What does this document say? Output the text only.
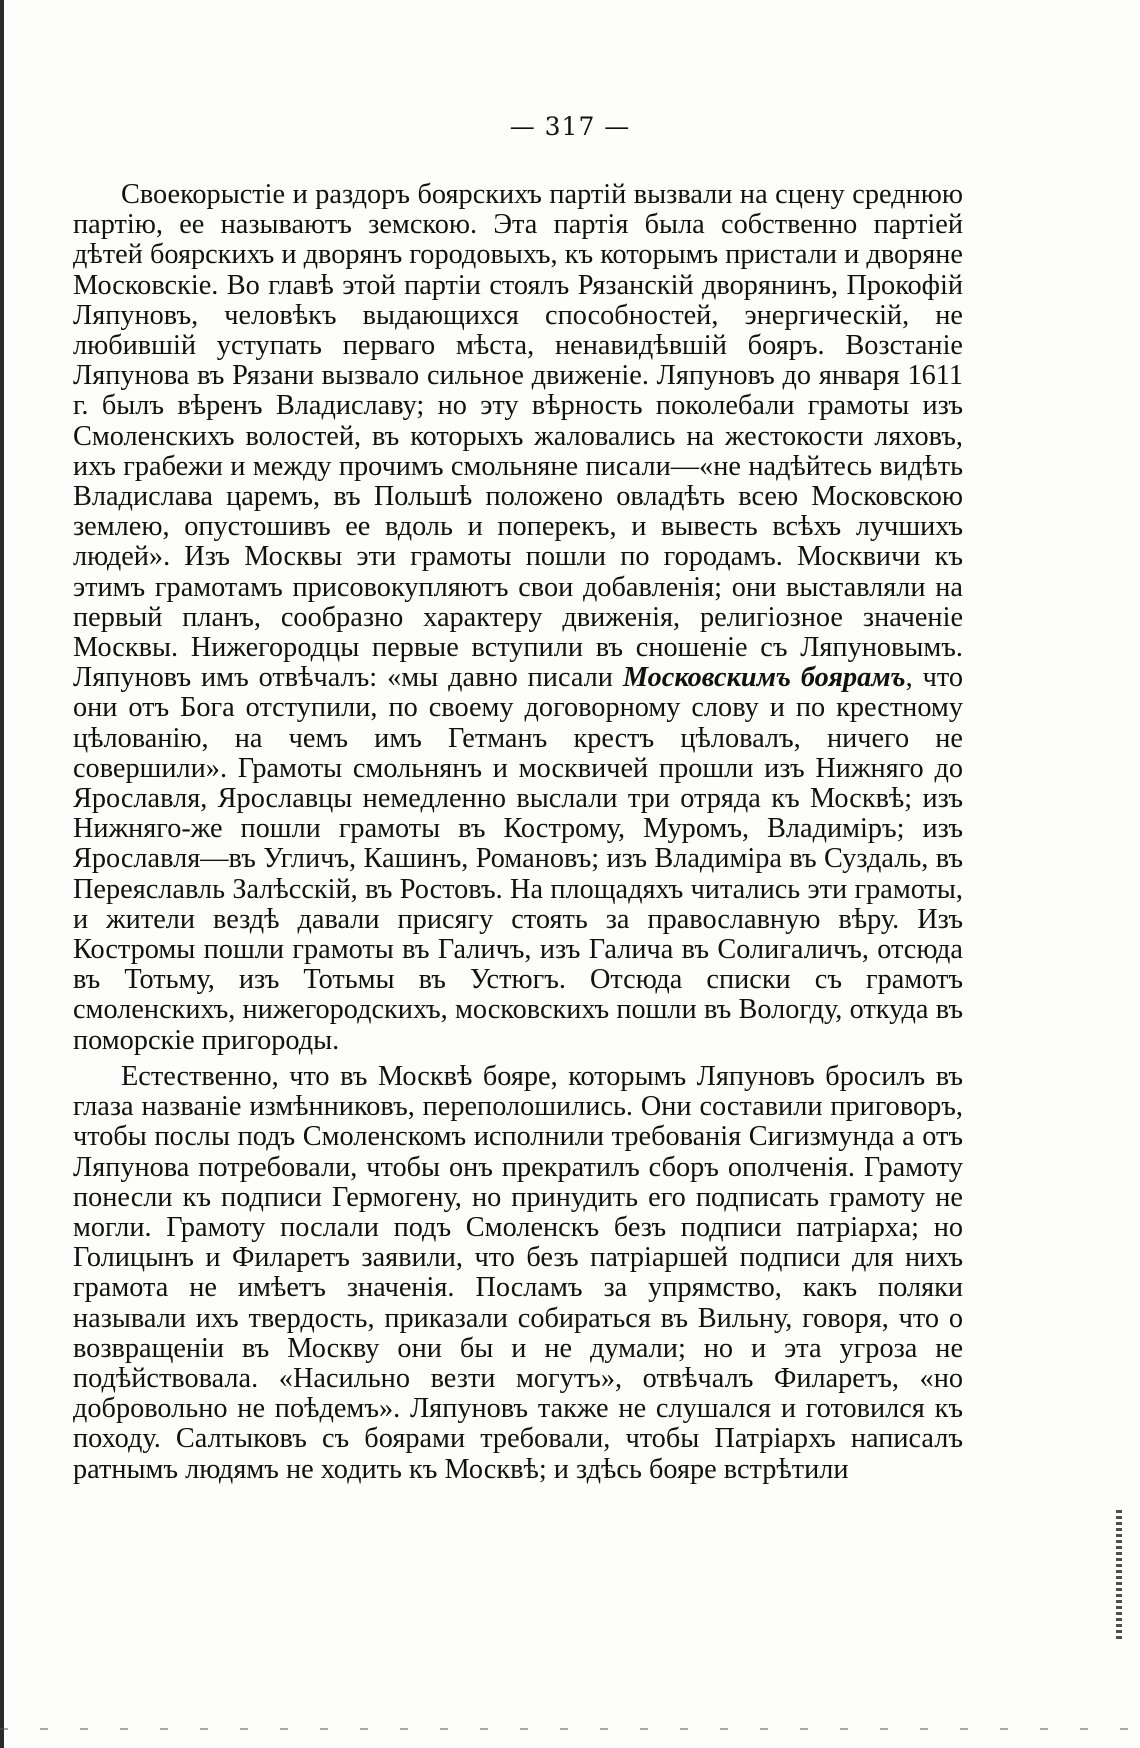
— 317 —

Своекорыстіе и раздоръ боярскихъ партій вызвали на сцену среднюю партію, ее называютъ земскою. Эта партія была собственно партіей дѣтей боярскихъ и дворянъ городовыхъ, къ которымъ пристали и дворяне Московскіе. Во главѣ этой партіи стоялъ Рязанскій дворянинъ, Прокофій Ляпуновъ, человѣкъ выдающихся способностей, энергическій, не любившій уступать перваго мѣста, ненавидѣвшій бояръ. Возстаніе Ляпунова въ Рязани вызвало сильное движеніе. Ляпуновъ до января 1611 г. былъ вѣренъ Владиславу; но эту вѣрность поколебали грамоты изъ Смоленскихъ волостей, въ которыхъ жаловались на жестокости ляховъ, ихъ грабежи и между прочимъ смольняне писали—«не надѣйтесь видѣть Владислава царемъ, въ Польшѣ положено овладѣть всею Московскою землею, опустошивъ ее вдоль и поперекъ, и вывесть всѣхъ лучшихъ людей». Изъ Москвы эти грамоты пошли по городамъ. Москвичи къ этимъ грамотамъ присовокупляютъ свои добавленія; они выставляли на первый планъ, сообразно характеру движенія, религіозное значеніе Москвы. Нижегородцы первые вступили въ сношеніе съ Ляпуновымъ. Ляпуновъ имъ отвѣчалъ: «мы давно писали Московскимъ боярамъ, что они отъ Бога отступили, по своему договорному слову и по крестному цѣлованію, на чемъ имъ Гетманъ крестъ цѣловалъ, ничего не совершили». Грамоты смольнянъ и москвичей прошли изъ Нижняго до Ярославля, Ярославцы немедленно выслали три отряда къ Москвѣ; изъ Нижняго-же пошли грамоты въ Кострому, Муромъ, Владиміръ; изъ Ярославля—въ Угличъ, Кашинъ, Романовъ; изъ Владиміра въ Суздаль, въ Переяславль Залѣсскій, въ Ростовъ. На площадяхъ читались эти грамоты, и жители вездѣ давали присягу стоять за православную вѣру. Изъ Костромы пошли грамоты въ Галичъ, изъ Галича въ Солигаличъ, отсюда въ Тотьму, изъ Тотьмы въ Устюгъ. Отсюда списки съ грамотъ смоленскихъ, нижегородскихъ, московскихъ пошли въ Вологду, откуда въ поморскіе пригороды.

Естественно, что въ Москвѣ бояре, которымъ Ляпуновъ бросилъ въ глаза названіе измѣнниковъ, переполошились. Они составили приговоръ, чтобы послы подъ Смоленскомъ исполнили требованія Сигизмунда а отъ Ляпунова потребовали, чтобы онъ прекратилъ сборъ ополченія. Грамоту понесли къ подписи Гермогену, но принудить его подписать грамоту не могли. Грамоту послали подъ Смоленскъ безъ подписи патріарха; но Голицынъ и Филаретъ заявили, что безъ патріаршей подписи для нихъ грамота не имѣетъ значенія. Посламъ за упрямство, какъ поляки называли ихъ твердость, приказали собираться въ Вильну, говоря, что о возвращеніи въ Москву они бы и не думали; но и эта угроза не подѣйствовала. «Насильно везти могутъ», отвѣчалъ Филаретъ, «но добровольно не поѣдемъ». Ляпуновъ также не слушался и готовился къ походу. Салтыковъ съ боярами требовали, чтобы Патріархъ написалъ ратнымъ людямъ не ходить къ Москвѣ; и здѣсь бояре встрѣтили
